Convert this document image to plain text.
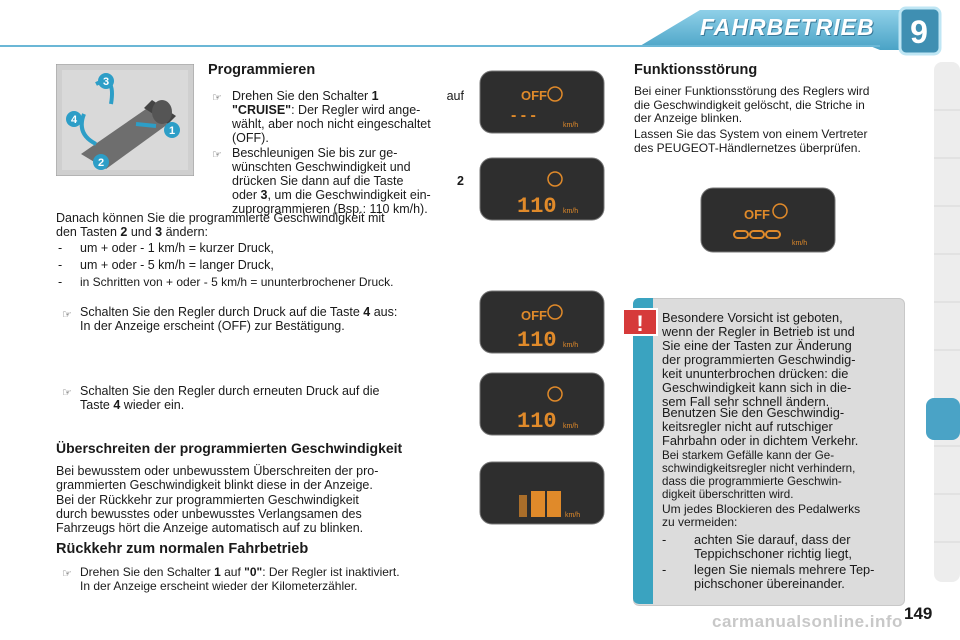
FAHRBETRIEB 9
3
4
1
2
Programmieren
☞ Drehen Sie den Schalter 1	auf
"CRUISE": Der Regler wird ange-
wählt, aber noch nicht eingeschaltet
(OFF).
☞ Beschleunigen Sie bis zur ge-
wünschten Geschwindigkeit und
drücken Sie dann auf die Taste	2
oder 3, um die Geschwindigkeit ein-
zuprogrammieren (Bsp.: 110 km/h).
Danach können Sie die programmierte Geschwindigkeit mit
den Tasten 2 und 3 ändern:
- um + oder - 1 km/h = kurzer Druck,
- um + oder - 5 km/h = langer Druck,
- in Schritten von + oder - 5 km/h = ununterbrochener Druck.
☞ Schalten Sie den Regler durch Druck auf die Taste 4 aus:
In der Anzeige erscheint (OFF) zur Bestätigung.
☞ Schalten Sie den Regler durch erneuten Druck auf die
Taste 4 wieder ein.
Überschreiten der programmierten Geschwindigkeit
Bei bewusstem oder unbewusstem Überschreiten der pro-
grammierten Geschwindigkeit blinkt diese in der Anzeige.
Bei der Rückkehr zur programmierten Geschwindigkeit
durch bewusstes oder unbewusstes Verlangsamen des
Fahrzeugs hört die Anzeige automatisch auf zu blinken.
Rückkehr zum normalen Fahrbetrieb
☞ Drehen Sie den Schalter 1 auf "0": Der Regler ist inaktiviert.
In der Anzeige erscheint wieder der Kilometerzähler.
OFF
- - -
km/h
110 km/h
OFF
110 km/h
110 km/h
km/h
Funktionsstörung
Bei einer Funktionsstörung des Reglers wird
die Geschwindigkeit gelöscht, die Striche in
der Anzeige blinken.
Lassen Sie das System von einem Vertreter
des PEUGEOT-Händlernetzes überprüfen.
OFF
km/h
! Besondere Vorsicht ist geboten,
wenn der Regler in Betrieb ist und
Sie eine der Tasten zur Änderung
der programmierten Geschwindig-
keit ununterbrochen drücken: die
Geschwindigkeit kann sich in die-
sem Fall sehr schnell ändern.
Benutzen Sie den Geschwindig-
keitsregler nicht auf rutschiger
Fahrbahn oder in dichtem Verkehr.
Bei starkem Gefälle kann der Ge-
schwindigkeitsregler nicht verhindern,
dass die programmierte Geschwin-
digkeit überschritten wird.
Um jedes Blockieren des Pedalwerks
zu vermeiden:
- achten Sie darauf, dass der
Teppichschoner richtig liegt,
- legen Sie niemals mehrere Tep-
pichschoner übereinander.
carmanualsonline.info 149
